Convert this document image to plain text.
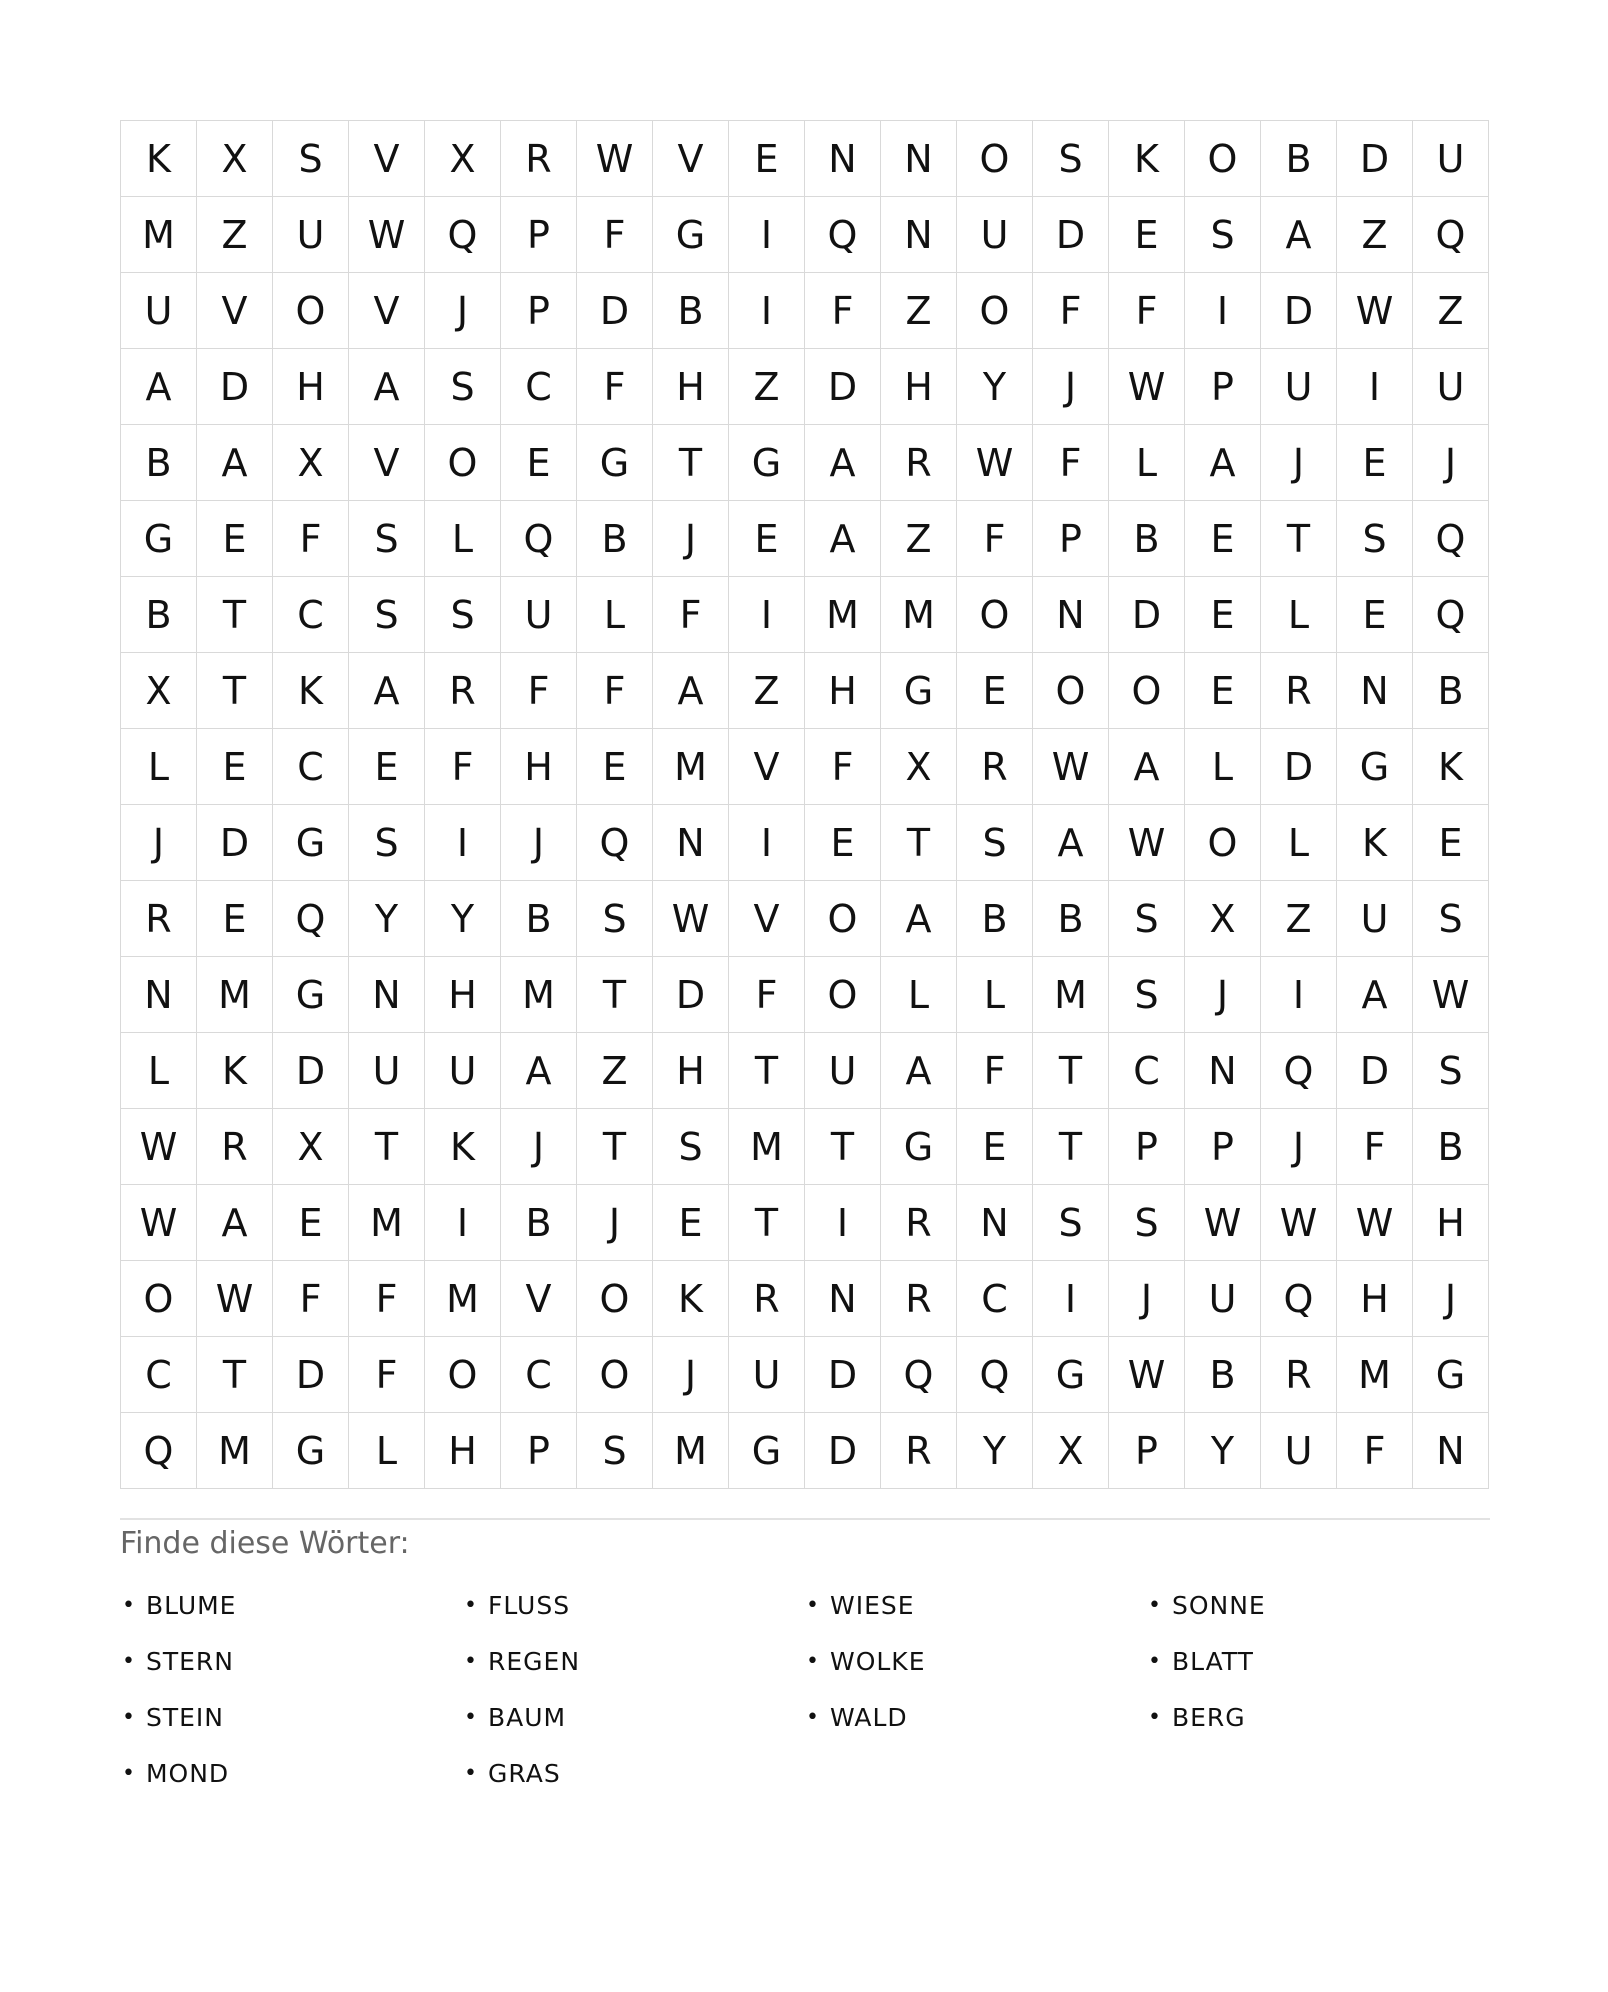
K	X	S	V	X	R	W	V	E	N	N	O	S	K	O	B	D	U
M	Z	U	W	Q	P	F	G	I	Q	N	U	D	E	S	A	Z	Q
U	V	O	V	J	P	D	B	I	F	Z	O	F	F	I	D	W	Z
A	D	H	A	S	C	F	H	Z	D	H	Y	J	W	P	U	I	U
B	A	X	V	O	E	G	T	G	A	R	W	F	L	A	J	E	J
G	E	F	S	L	Q	B	J	E	A	Z	F	P	B	E	T	S	Q
B	T	C	S	S	U	L	F	I	M	M	O	N	D	E	L	E	Q
X	T	K	A	R	F	F	A	Z	H	G	E	O	O	E	R	N	B
L	E	C	E	F	H	E	M	V	F	X	R	W	A	L	D	G	K
J	D	G	S	I	J	Q	N	I	E	T	S	A	W	O	L	K	E
R	E	Q	Y	Y	B	S	W	V	O	A	B	B	S	X	Z	U	S
N	M	G	N	H	M	T	D	F	O	L	L	M	S	J	I	A	W
L	K	D	U	U	A	Z	H	T	U	A	F	T	C	N	Q	D	S
W	R	X	T	K	J	T	S	M	T	G	E	T	P	P	J	F	B
W	A	E	M	I	B	J	E	T	I	R	N	S	S	W	W	W	H
O	W	F	F	M	V	O	K	R	N	R	C	I	J	U	Q	H	J
C	T	D	F	O	C	O	J	U	D	Q	Q	G	W	B	R	M	G
Q	M	G	L	H	P	S	M	G	D	R	Y	X	P	Y	U	F	N
Finde diese Wörter:
• BLUME	• FLUSS	• WIESE	• SONNE
• STERN	• REGEN	• WOLKE	• BLATT
• STEIN	• BAUM	• WALD	• BERG
• MOND	• GRAS
